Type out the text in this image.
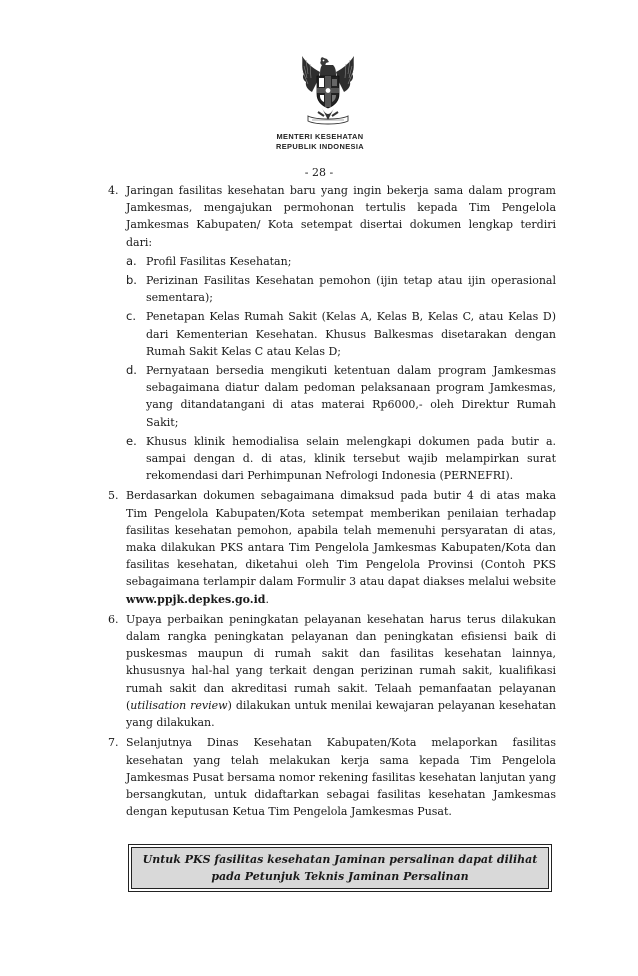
MENTERI KESEHATAN
REPUBLIK INDONESIA
- 28 -
4. Jaringan fasilitas kesehatan baru yang ingin bekerja sama dalam program Jamkesmas, mengajukan permohonan tertulis kepada Tim Pengelola Jamkesmas Kabupaten/ Kota setempat disertai dokumen lengkap terdiri dari:
a. Profil Fasilitas Kesehatan;
b. Perizinan Fasilitas Kesehatan pemohon (ijin tetap atau ijin operasional sementara);
c. Penetapan Kelas Rumah Sakit (Kelas A, Kelas B, Kelas C, atau Kelas D) dari Kementerian Kesehatan. Khusus Balkesmas disetarakan dengan Rumah Sakit Kelas C atau Kelas D;
d. Pernyataan bersedia mengikuti ketentuan dalam program Jamkesmas sebagaimana diatur dalam pedoman pelaksanaan program Jamkesmas, yang ditandatangani di atas materai Rp6000,- oleh Direktur Rumah Sakit;
e. Khusus klinik hemodialisa selain melengkapi dokumen pada butir a. sampai dengan d. di atas, klinik tersebut wajib melampirkan surat rekomendasi dari Perhimpunan Nefrologi Indonesia (PERNEFRI).
5. Berdasarkan dokumen sebagaimana dimaksud pada butir 4 di atas maka Tim Pengelola Kabupaten/Kota setempat memberikan penilaian terhadap fasilitas kesehatan pemohon, apabila telah memenuhi persyaratan di atas, maka dilakukan PKS antara Tim Pengelola Jamkesmas Kabupaten/Kota dan fasilitas kesehatan, diketahui oleh Tim Pengelola Provinsi (Contoh PKS sebagaimana terlampir dalam Formulir 3 atau dapat diakses melalui website www.ppjk.depkes.go.id.
6. Upaya perbaikan peningkatan pelayanan kesehatan harus terus dilakukan dalam rangka peningkatan pelayanan dan peningkatan efisiensi baik di puskesmas maupun di rumah sakit dan fasilitas kesehatan lainnya, khususnya hal-hal yang terkait dengan perizinan rumah sakit, kualifikasi rumah sakit dan akreditasi rumah sakit. Telaah pemanfaatan pelayanan (utilisation review) dilakukan untuk menilai kewajaran pelayanan kesehatan yang dilakukan.
7. Selanjutnya Dinas Kesehatan Kabupaten/Kota melaporkan fasilitas kesehatan yang telah melakukan kerja sama kepada Tim Pengelola Jamkesmas Pusat bersama nomor rekening fasilitas kesehatan lanjutan yang bersangkutan, untuk didaftarkan sebagai fasilitas kesehatan Jamkesmas dengan keputusan Ketua Tim Pengelola Jamkesmas Pusat.
Untuk PKS fasilitas kesehatan Jaminan persalinan dapat dilihat
pada Petunjuk Teknis Jaminan Persalinan
